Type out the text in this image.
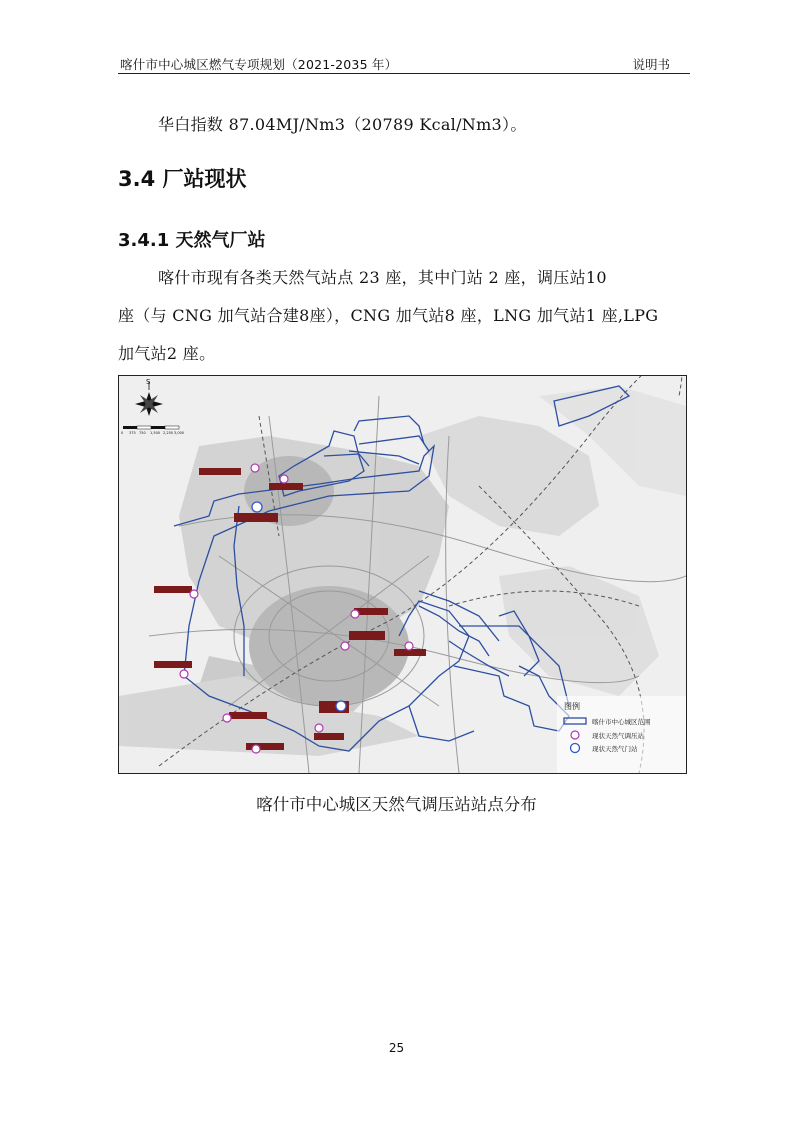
喀什市中心城区燃气专项规划（2021-2035 年）	说明书
华白指数 87.04MJ/Nm3（20789 Kcal/Nm3）。
3.4 厂站现状
3.4.1 天然气厂站
喀什市现有各类天然气站点 23 座，其中门站 2 座，调压站10
座（与 CNG 加气站合建8座），CNG 加气站8 座，LNG 加气站1 座,LPG
加气站2 座。
S
0 375 750 1,500 2,250 3,000
图例
喀什市中心城区范围
现状天然气调压站
现状天然气门站
喀什市中心城区天然气调压站站点分布
25
